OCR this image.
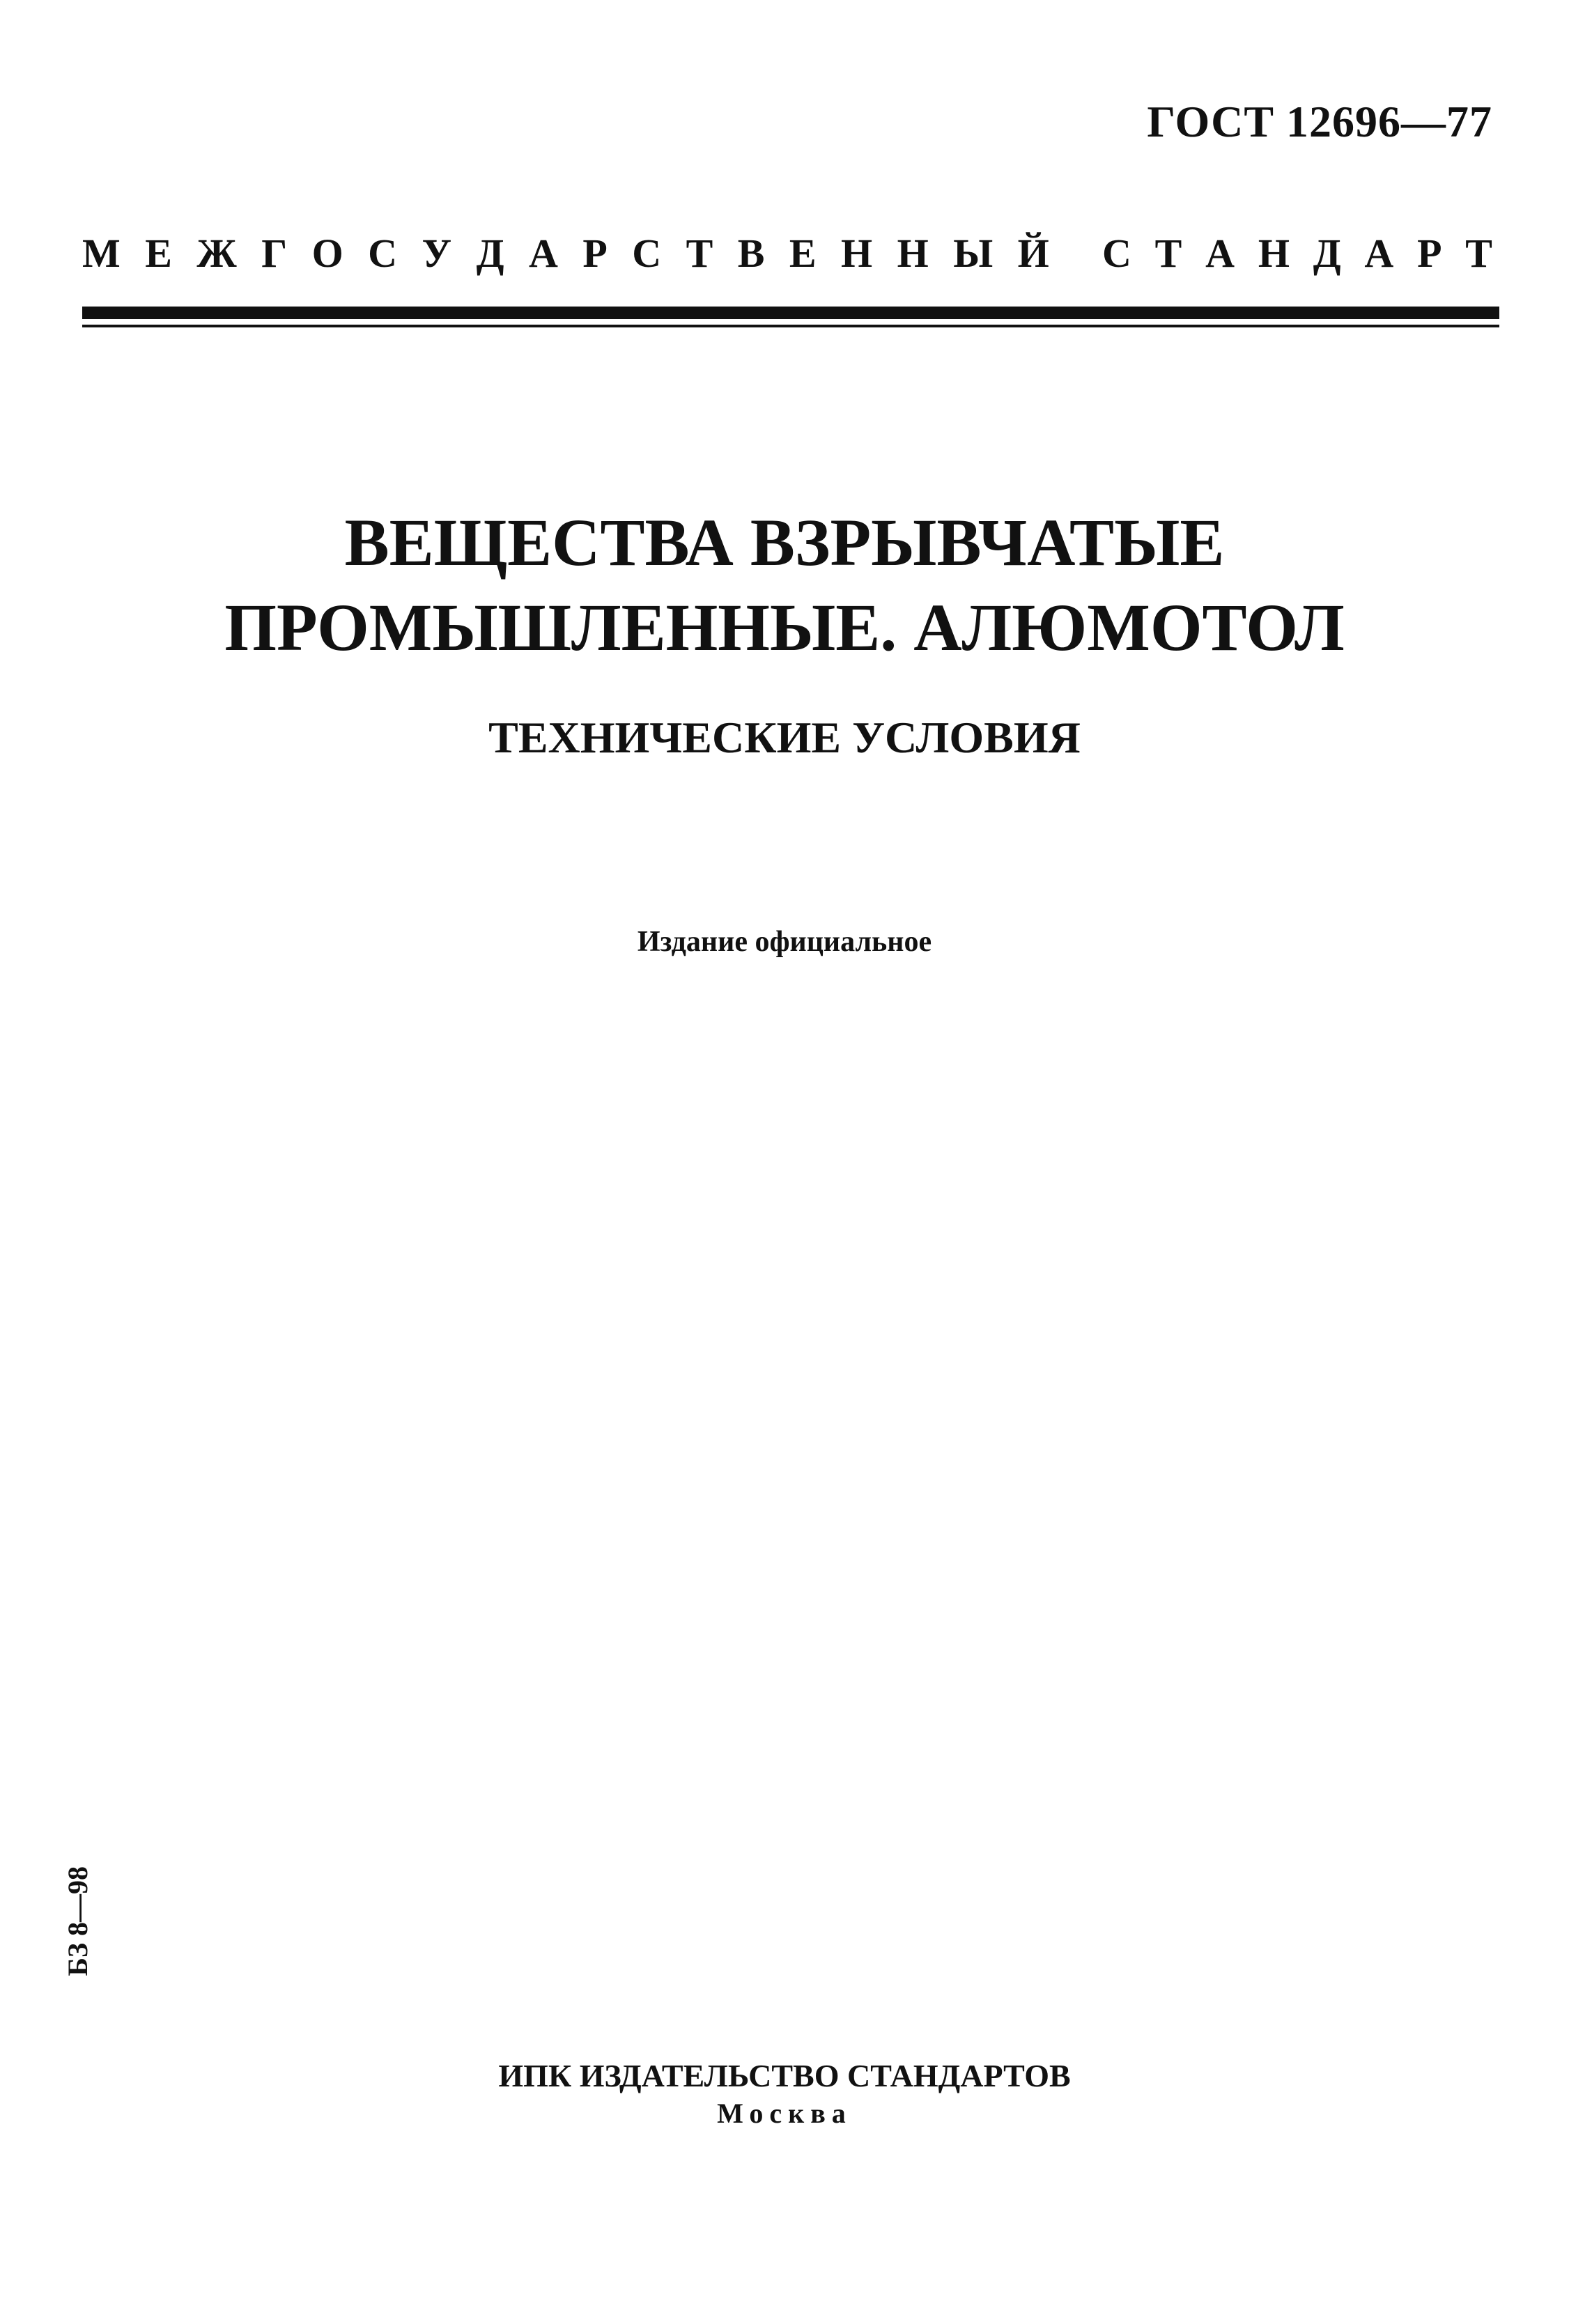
ГОСТ 12696—77
М Е Ж Г О С У Д А Р С Т В Е Н Н Ы Й С Т А Н Д А Р Т
ВЕЩЕСТВА ВЗРЫВЧАТЫЕ
ПРОМЫШЛЕННЫЕ. АЛЮМОТОЛ
ТЕХНИЧЕСКИЕ УСЛОВИЯ
Издание официальное
БЗ 8—98
ИПК ИЗДАТЕЛЬСТВО СТАНДАРТОВ
Москва
